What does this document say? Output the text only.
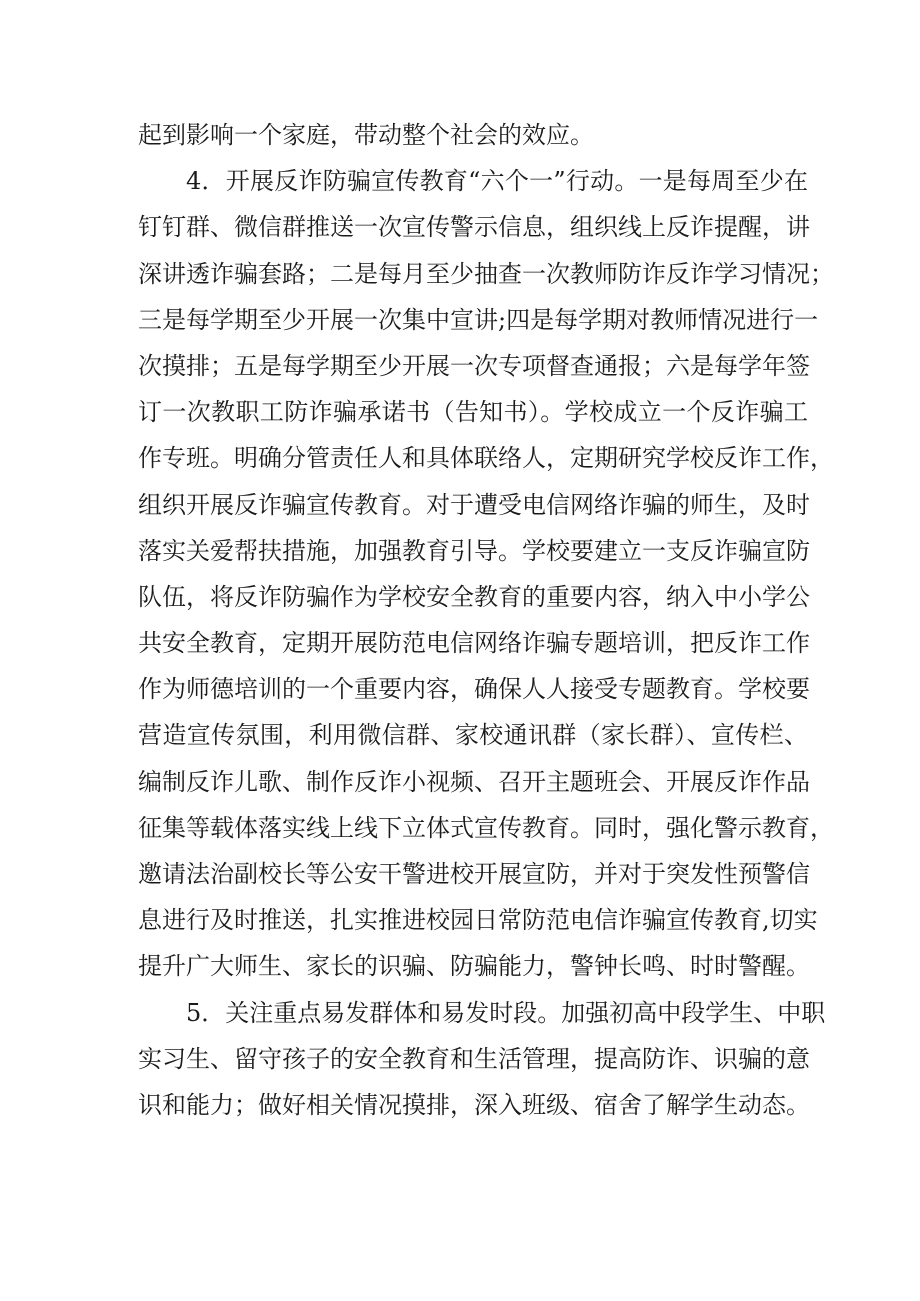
起到影响一个家庭，带动整个社会的效应。
4．开展反诈防骗宣传教育“六个一”行动。一是每周至少在
钉钉群、微信群推送一次宣传警示信息，组织线上反诈提醒，讲
深讲透诈骗套路；二是每月至少抽查一次教师防诈反诈学习情况；
三是每学期至少开展一次集中宣讲;四是每学期对教师情况进行一
次摸排；五是每学期至少开展一次专项督查通报；六是每学年签
订一次教职工防诈骗承诺书（告知书）。学校成立一个反诈骗工
作专班。明确分管责任人和具体联络人，定期研究学校反诈工作，
组织开展反诈骗宣传教育。对于遭受电信网络诈骗的师生，及时
落实关爱帮扶措施，加强教育引导。学校要建立一支反诈骗宣防
队伍，将反诈防骗作为学校安全教育的重要内容，纳入中小学公
共安全教育，定期开展防范电信网络诈骗专题培训，把反诈工作
作为师德培训的一个重要内容，确保人人接受专题教育。学校要
营造宣传氛围，利用微信群、家校通讯群（家长群）、宣传栏、
编制反诈儿歌、制作反诈小视频、召开主题班会、开展反诈作品
征集等载体落实线上线下立体式宣传教育。同时，强化警示教育，
邀请法治副校长等公安干警进校开展宣防，并对于突发性预警信
息进行及时推送，扎实推进校园日常防范电信诈骗宣传教育,切实
提升广大师生、家长的识骗、防骗能力，警钟长鸣、时时警醒。
5．关注重点易发群体和易发时段。加强初高中段学生、中职
实习生、留守孩子的安全教育和生活管理，提高防诈、识骗的意
识和能力；做好相关情况摸排，深入班级、宿舍了解学生动态。
